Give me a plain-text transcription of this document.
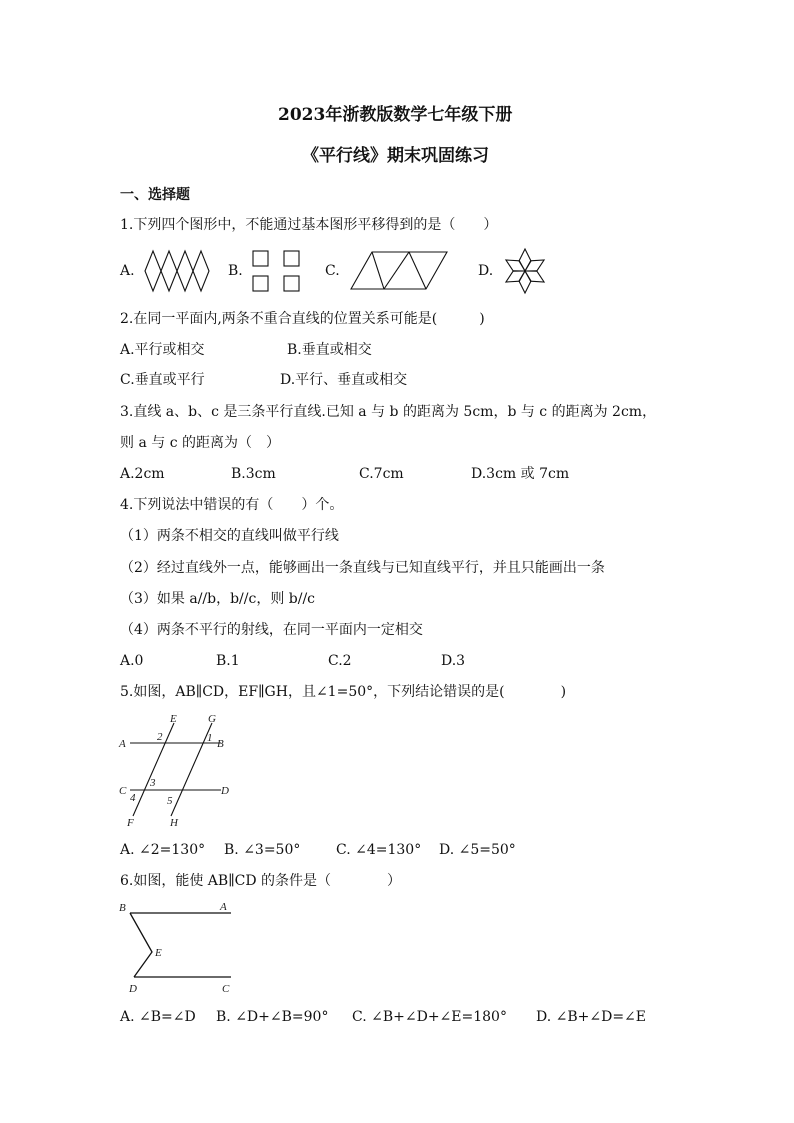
2023年浙教版数学七年级下册
《平行线》期末巩固练习
一、选择题
1.下列四个图形中，不能通过基本图形平移得到的是（　　）
A.	B.	C.	D.
2.在同一平面内,两条不重合直线的位置关系可能是(　　　)
A.平行或相交	B.垂直或相交
C.垂直或平行	D.平行、垂直或相交
3.直线 a、b、c 是三条平行直线.已知 a 与 b 的距离为 5cm，b 与 c 的距离为 2cm，
则 a 与 c 的距离为（　）
A.2cm	B.3cm	C.7cm	D.3cm 或 7cm
4.下列说法中错误的有（　　）个。
（1）两条不相交的直线叫做平行线
（2）经过直线外一点，能够画出一条直线与已知直线平行，并且只能画出一条
（3）如果 a//b，b//c，则 b//c
（4）两条不平行的射线，在同一平面内一定相交
A.0	B.1	C.2	D.3
5.如图，AB∥CD，EF∥GH，且∠1=50°，下列结论错误的是(　　　　)
E	G
A	B
C	D
F	H
1
2
3
4	5
A. ∠2=130° B. ∠3=50°	C. ∠4=130° D. ∠5=50°
6.如图，能使 AB∥CD 的条件是（　　　　）
B	A
E
D	C
A. ∠B=∠D B. ∠D+∠B=90° C. ∠B+∠D+∠E=180° D. ∠B+∠D=∠E
